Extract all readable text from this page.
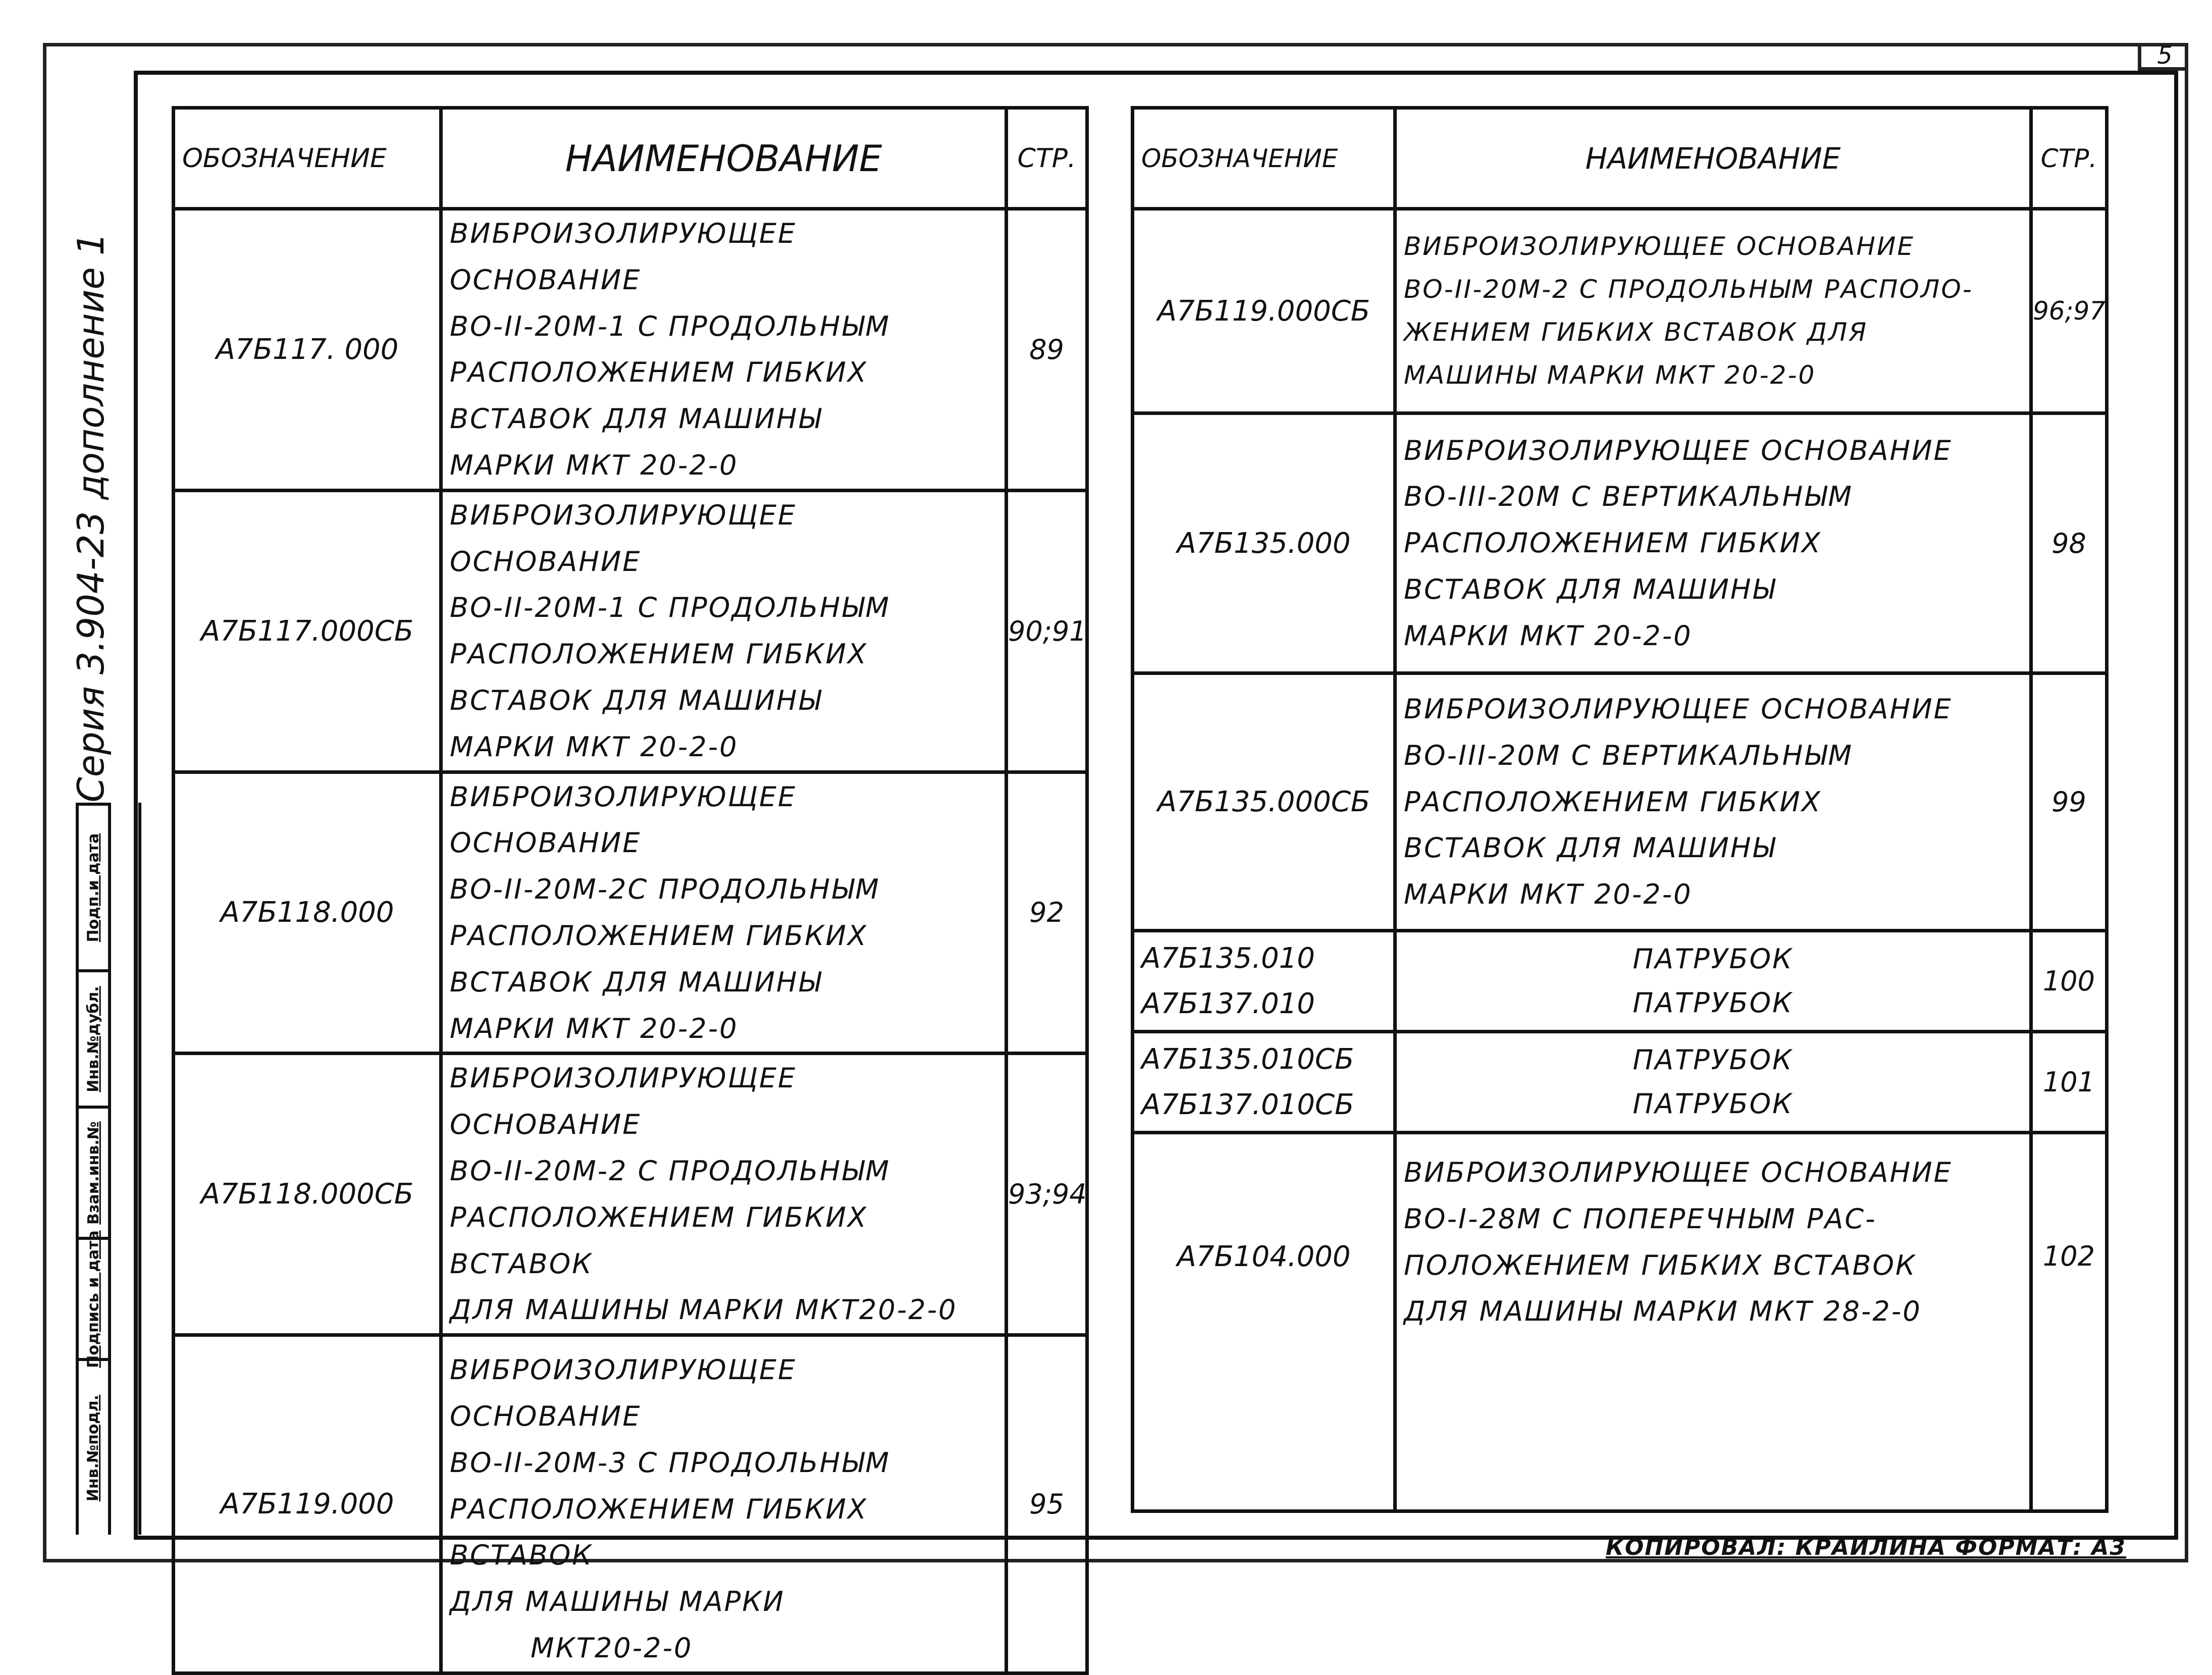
5
Серия 3.904-23 дополнение 1
Инв.№подл.
Подпись и дата
Взам.инв.№
Инв.№дубл.
Подп.и дата
ОБОЗНАЧЕНИЕ	НАИМЕНОВАНИЕ	СТР.
А7Б117. 000	ВИБРОИЗОЛИРУЮЩЕЕ ОСНОВАНИЕ
ВО-II-20М-1 С ПРОДОЛЬНЫМ
РАСПОЛОЖЕНИЕМ ГИБКИХ
ВСТАВОК ДЛЯ МАШИНЫ
МАРКИ МКТ 20-2-0	89
А7Б117.000СБ	ВИБРОИЗОЛИРУЮЩЕЕ ОСНОВАНИЕ
ВО-II-20М-1 С ПРОДОЛЬНЫМ
РАСПОЛОЖЕНИЕМ ГИБКИХ
ВСТАВОК ДЛЯ МАШИНЫ
МАРКИ МКТ 20-2-0	90;91
А7Б118.000	ВИБРОИЗОЛИРУЮЩЕЕ ОСНОВАНИЕ
ВО-II-20М-2С ПРОДОЛЬНЫМ
РАСПОЛОЖЕНИЕМ ГИБКИХ
ВСТАВОК ДЛЯ МАШИНЫ
МАРКИ МКТ 20-2-0	92
А7Б118.000СБ	ВИБРОИЗОЛИРУЮЩЕЕ ОСНОВАНИЕ
ВО-II-20М-2 С ПРОДОЛЬНЫМ
РАСПОЛОЖЕНИЕМ ГИБКИХ ВСТАВОК
ДЛЯ МАШИНЫ МАРКИ МКТ20-2-0	93;94
А7Б119.000	ВИБРОИЗОЛИРУЮЩЕЕ ОСНОВАНИЕ
ВО-II-20М-3 С ПРОДОЛЬНЫМ
РАСПОЛОЖЕНИЕМ ГИБКИХ ВСТАВОК
ДЛЯ МАШИНЫ МАРКИ
МКТ20-2-0	95
ОБОЗНАЧЕНИЕ	НАИМЕНОВАНИЕ	СТР.
А7Б119.000СБ	ВИБРОИЗОЛИРУЮЩЕЕ ОСНОВАНИЕ
ВО-II-20М-2 С ПРОДОЛЬНЫМ РАСПОЛО-
ЖЕНИЕМ ГИБКИХ ВСТАВОК ДЛЯ
МАШИНЫ МАРКИ МКТ 20-2-0	96;97
А7Б135.000	ВИБРОИЗОЛИРУЮЩЕЕ ОСНОВАНИЕ
ВО-III-20М С ВЕРТИКАЛЬНЫМ
РАСПОЛОЖЕНИЕМ ГИБКИХ
ВСТАВОК ДЛЯ МАШИНЫ
МАРКИ МКТ 20-2-0	98
А7Б135.000СБ	ВИБРОИЗОЛИРУЮЩЕЕ ОСНОВАНИЕ
ВО-III-20М С ВЕРТИКАЛЬНЫМ
РАСПОЛОЖЕНИЕМ ГИБКИХ
ВСТАВОК ДЛЯ МАШИНЫ
МАРКИ МКТ 20-2-0	99

А7Б135.010
А7Б137.010	ПАТРУБОК
ПАТРУБОК	100

А7Б135.010СБ
А7Б137.010СБ	ПАТРУБОК
ПАТРУБОК	101
А7Б104.000	ВИБРОИЗОЛИРУЮЩЕЕ ОСНОВАНИЕ
ВО-I-28М С ПОПЕРЕЧНЫМ РАС-
ПОЛОЖЕНИЕМ ГИБКИХ ВСТАВОК
ДЛЯ МАШИНЫ МАРКИ МКТ 28-2-0	102
КОПИРОВАЛ: КРАИЛИНА ФОРМАТ: А3
